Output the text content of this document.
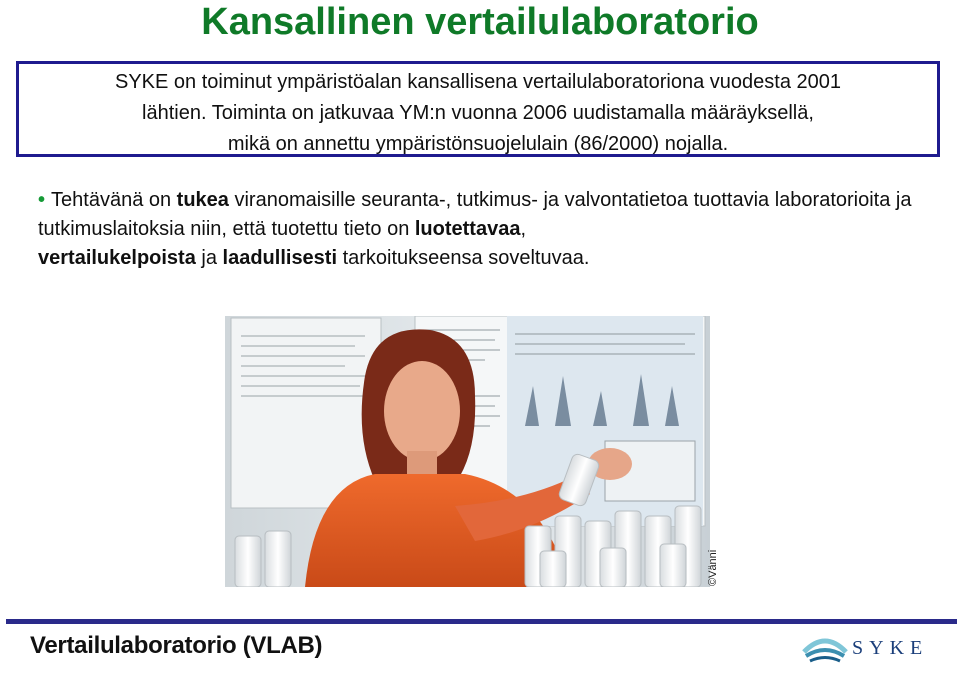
Kansallinen vertailulaboratorio
SYKE on toiminut ympäristöalan kansallisena vertailulaboratoriona vuodesta 2001
lähtien. Toiminta on jatkuvaa YM:n vuonna 2006 uudistamalla määräyksellä,
mikä on annettu ympäristönsuojelulain (86/2000) nojalla.
• Tehtävänä on tukea viranomaisille seuranta-, tutkimus- ja valvontatietoa tuottavia laboratorioita ja tutkimuslaitoksia niin, että tuotettu tieto on luotettavaa,
vertailukelpoista ja laadullisesti tarkoitukseensa soveltuvaa.
©Vänni
Vertailulaboratorio (VLAB)	SYKE
